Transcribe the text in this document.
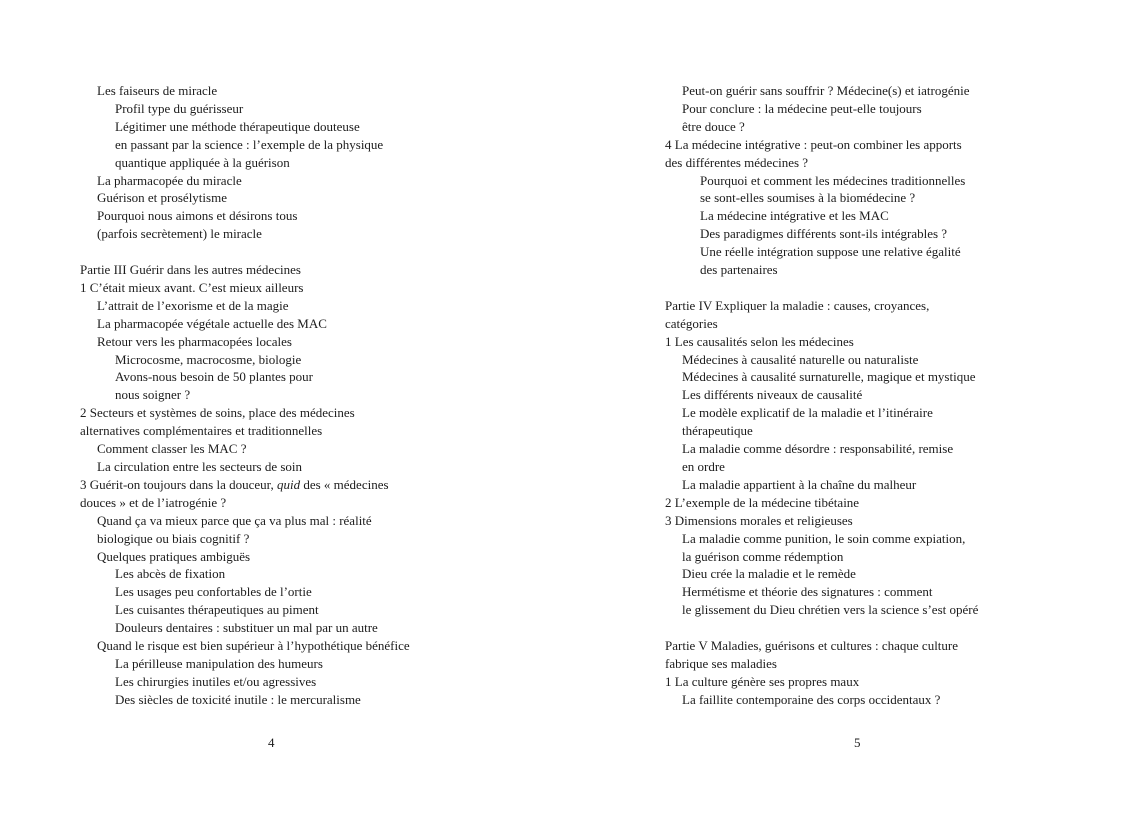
Les faiseurs de miracle
Profil type du guérisseur
Légitimer une méthode thérapeutique douteuse
en passant par la science : l’exemple de la physique
quantique appliquée à la guérison
La pharmacopée du miracle
Guérison et prosélytisme
Pourquoi nous aimons et désirons tous
(parfois secrètement) le miracle
Partie III Guérir dans les autres médecines
1 C’était mieux avant. C’est mieux ailleurs
L’attrait de l’exorisme et de la magie
La pharmacopée végétale actuelle des MAC
Retour vers les pharmacopées locales
Microcosme, macrocosme, biologie
Avons-nous besoin de 50 plantes pour
nous soigner ?
2 Secteurs et systèmes de soins, place des médecines
alternatives complémentaires et traditionnelles
Comment classer les MAC ?
La circulation entre les secteurs de soin
3 Guérit-on toujours dans la douceur, quid des « médecines
douces » et de l’iatrogénie ?
Quand ça va mieux parce que ça va plus mal : réalité
biologique ou biais cognitif ?
Quelques pratiques ambiguës
Les abcès de fixation
Les usages peu confortables de l’ortie
Les cuisantes thérapeutiques au piment
Douleurs dentaires : substituer un mal par un autre
Quand le risque est bien supérieur à l’hypothétique bénéfice
La périlleuse manipulation des humeurs
Les chirurgies inutiles et/ou agressives
Des siècles de toxicité inutile : le mercuralisme
4
Peut-on guérir sans souffrir ? Médecine(s) et iatrogénie
Pour conclure : la médecine peut-elle toujours
être douce ?
4 La médecine intégrative : peut-on combiner les apports
des différentes médecines ?
Pourquoi et comment les médecines traditionnelles
se sont-elles soumises à la biomédecine ?
La médecine intégrative et les MAC
Des paradigmes différents sont-ils intégrables ?
Une réelle intégration suppose une relative égalité
des partenaires
Partie IV Expliquer la maladie : causes, croyances,
catégories
1 Les causalités selon les médecines
Médecines à causalité naturelle ou naturaliste
Médecines à causalité surnaturelle, magique et mystique
Les différents niveaux de causalité
Le modèle explicatif de la maladie et l’itinéraire
thérapeutique
La maladie comme désordre : responsabilité, remise
en ordre
La maladie appartient à la chaîne du malheur
2 L’exemple de la médecine tibétaine
3 Dimensions morales et religieuses
La maladie comme punition, le soin comme expiation,
la guérison comme rédemption
Dieu crée la maladie et le remède
Hermétisme et théorie des signatures : comment
le glissement du Dieu chrétien vers la science s’est opéré
Partie V Maladies, guérisons et cultures : chaque culture
fabrique ses maladies
1 La culture génère ses propres maux
La faillite contemporaine des corps occidentaux ?
5
